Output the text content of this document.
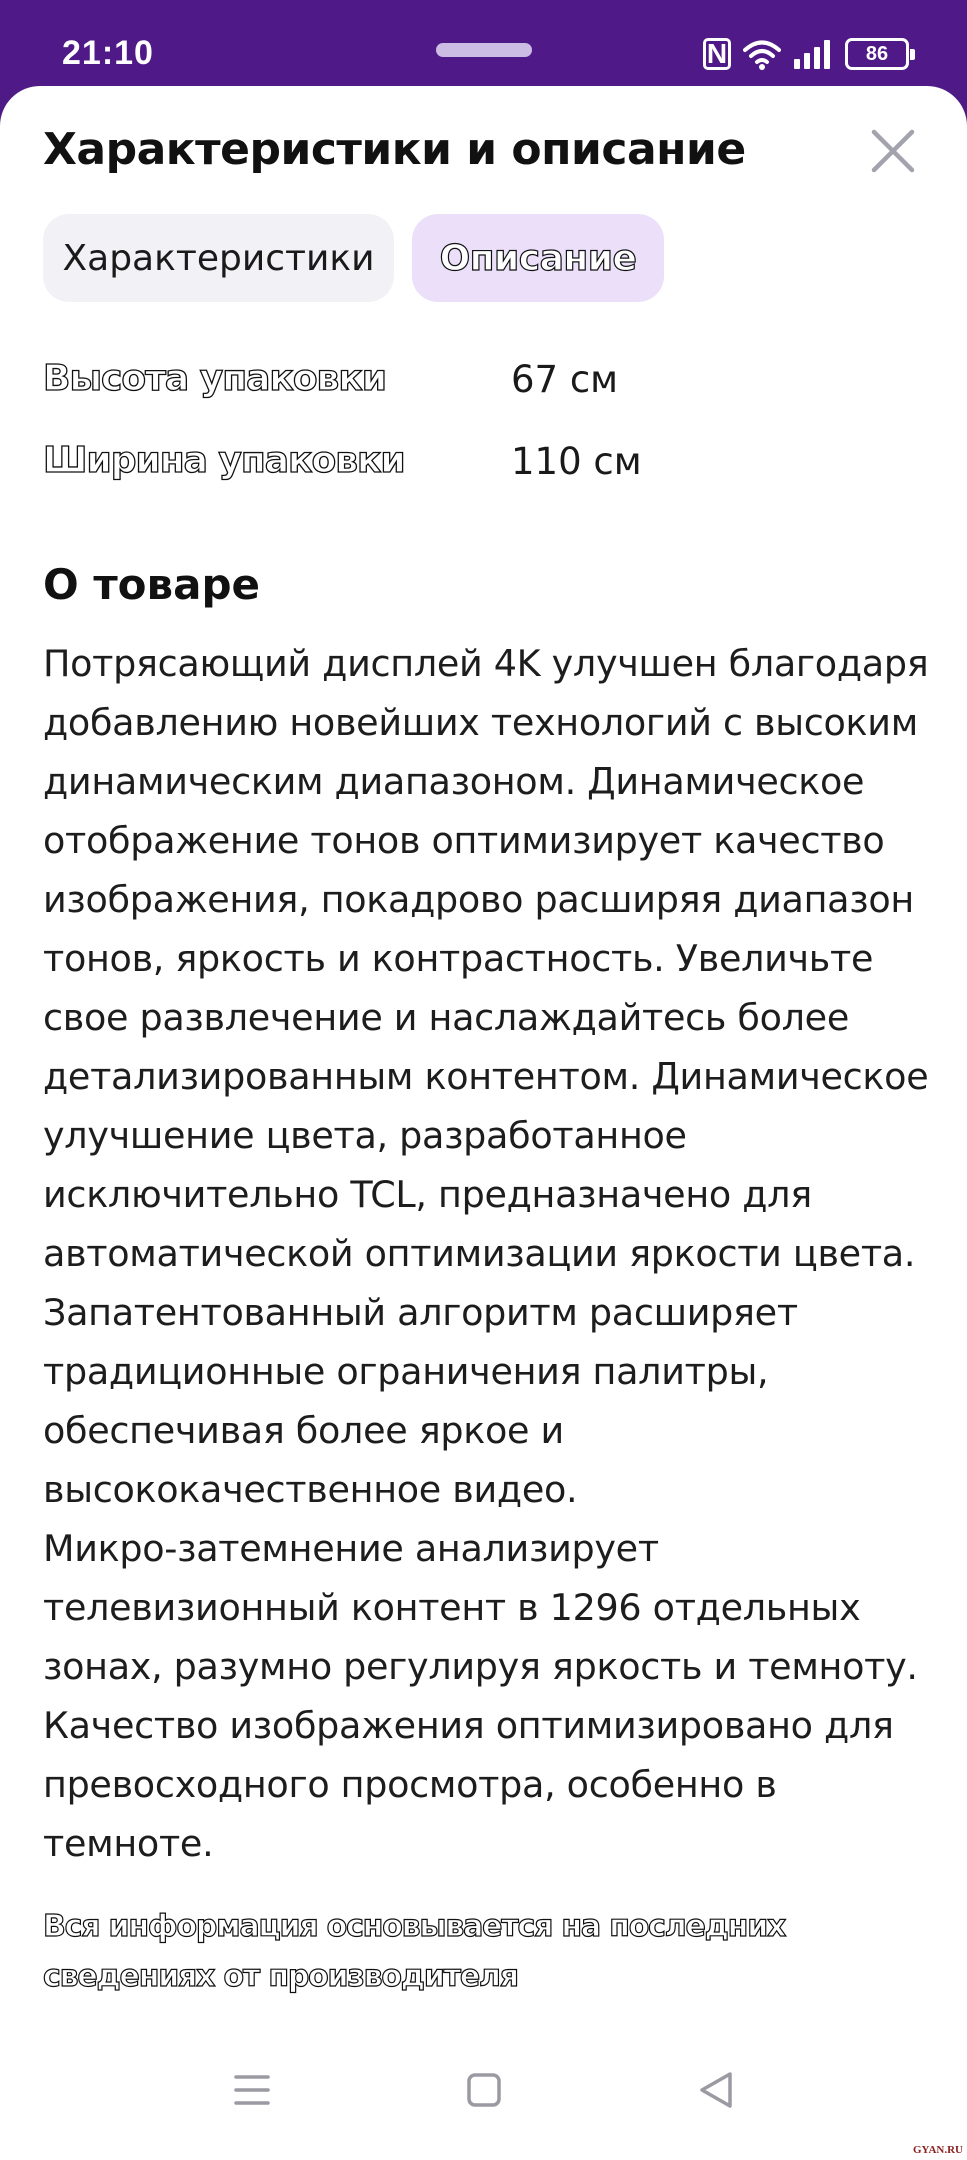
21:10	N	86
Характеристики и описание
Характеристики	Описание
Высота упаковки	67 см
Ширина упаковки	110 см
О товаре
Потрясающий дисплей 4K улучшен благодаря
добавлению новейших технологий с высоким
динамическим диапазоном. Динамическое
отображение тонов оптимизирует качество
изображения, покадрово расширяя диапазон
тонов, яркость и контрастность. Увеличьте
свое развлечение и наслаждайтесь более
детализированным контентом. Динамическое
улучшение цвета, разработанное
исключительно TCL, предназначено для
автоматической оптимизации яркости цвета.
Запатентованный алгоритм расширяет
традиционные ограничения палитры,
обеспечивая более яркое и
высококачественное видео.
Микро-затемнение анализирует
телевизионный контент в 1296 отдельных
зонах, разумно регулируя яркость и темноту.
Качество изображения оптимизировано для
превосходного просмотра, особенно в
темноте.
Вся информация основывается на последних
сведениях от производителя
GYAN.RU
